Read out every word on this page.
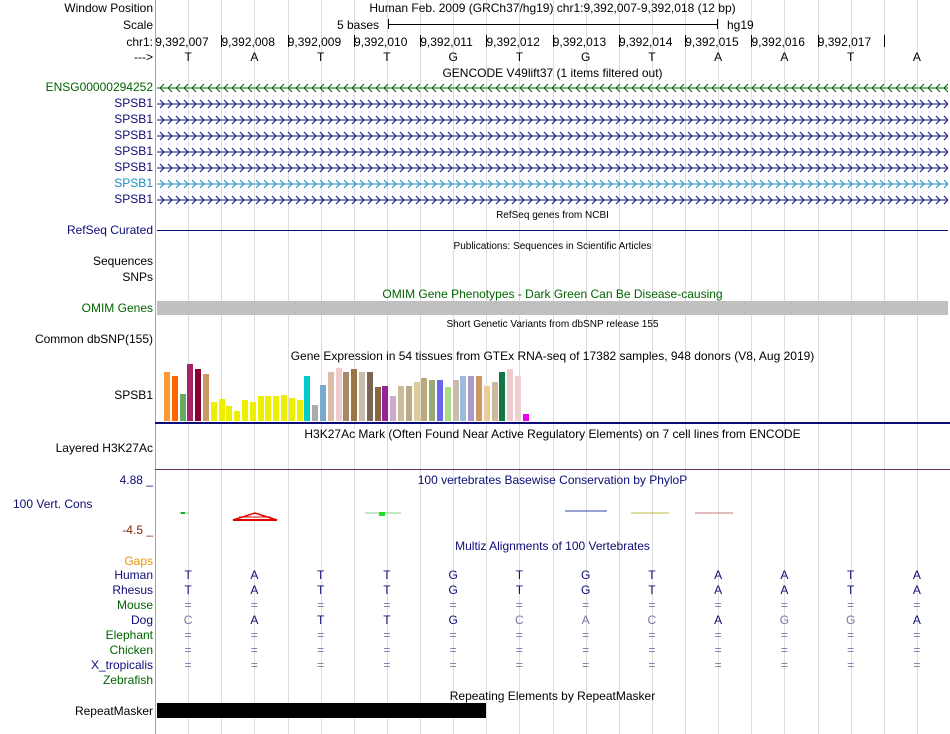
Window Position	Human Feb. 2009 (GRCh37/hg19) chr1:9,392,007-9,392,018 (12 bp)
Scale	5 bases	hg19
chr1: 9,392,007 9,392,008 9,392,009 9,392,010 9,392,011 9,392,012 9,392,013 9,392,014 9,392,015 9,392,016 9,392,017
--->	T	A	T	T	G	T	G	T	A	A	T	A
GENCODE V49lift37 (1 items filtered out)
ENSG00000294252
SPSB1
SPSB1
SPSB1
SPSB1
SPSB1
SPSB1
SPSB1
RefSeq genes from NCBI
RefSeq Curated
Publications: Sequences in Scientific Articles
Sequences
SNPs
OMIM Gene Phenotypes - Dark Green Can Be Disease-causing
OMIM Genes
Short Genetic Variants from dbSNP release 155
Common dbSNP(155)
Gene Expression in 54 tissues from GTEx RNA-seq of 17382 samples, 948 donors (V8, Aug 2019)
SPSB1
H3K27Ac Mark (Often Found Near Active Regulatory Elements) on 7 cell lines from ENCODE
Layered H3K27Ac
100 vertebrates Basewise Conservation by PhyloP
4.88 _
100 Vert. Cons
-4.5 _
Gaps
Multiz Alignments of 100 Vertebrates
Human	T	A	T	T	G	T	G	T	A	A	T	A
Rhesus	T	A	T	T	G	T	G	T	A	A	T	A
Mouse	=	=	=	=	=	=	=	=	=	=	=	=
Dog	C	A	T	T	G	C	A	C	A	G	G	A
Elephant	=	=	=	=	=	=	=	=	=	=	=	=
Chicken	=	=	=	=	=	=	=	=	=	=	=	=
X_tropicalis	=	=	=	=	=	=	=	=	=	=	=	=
Zebrafish
Repeating Elements by RepeatMasker
RepeatMasker
